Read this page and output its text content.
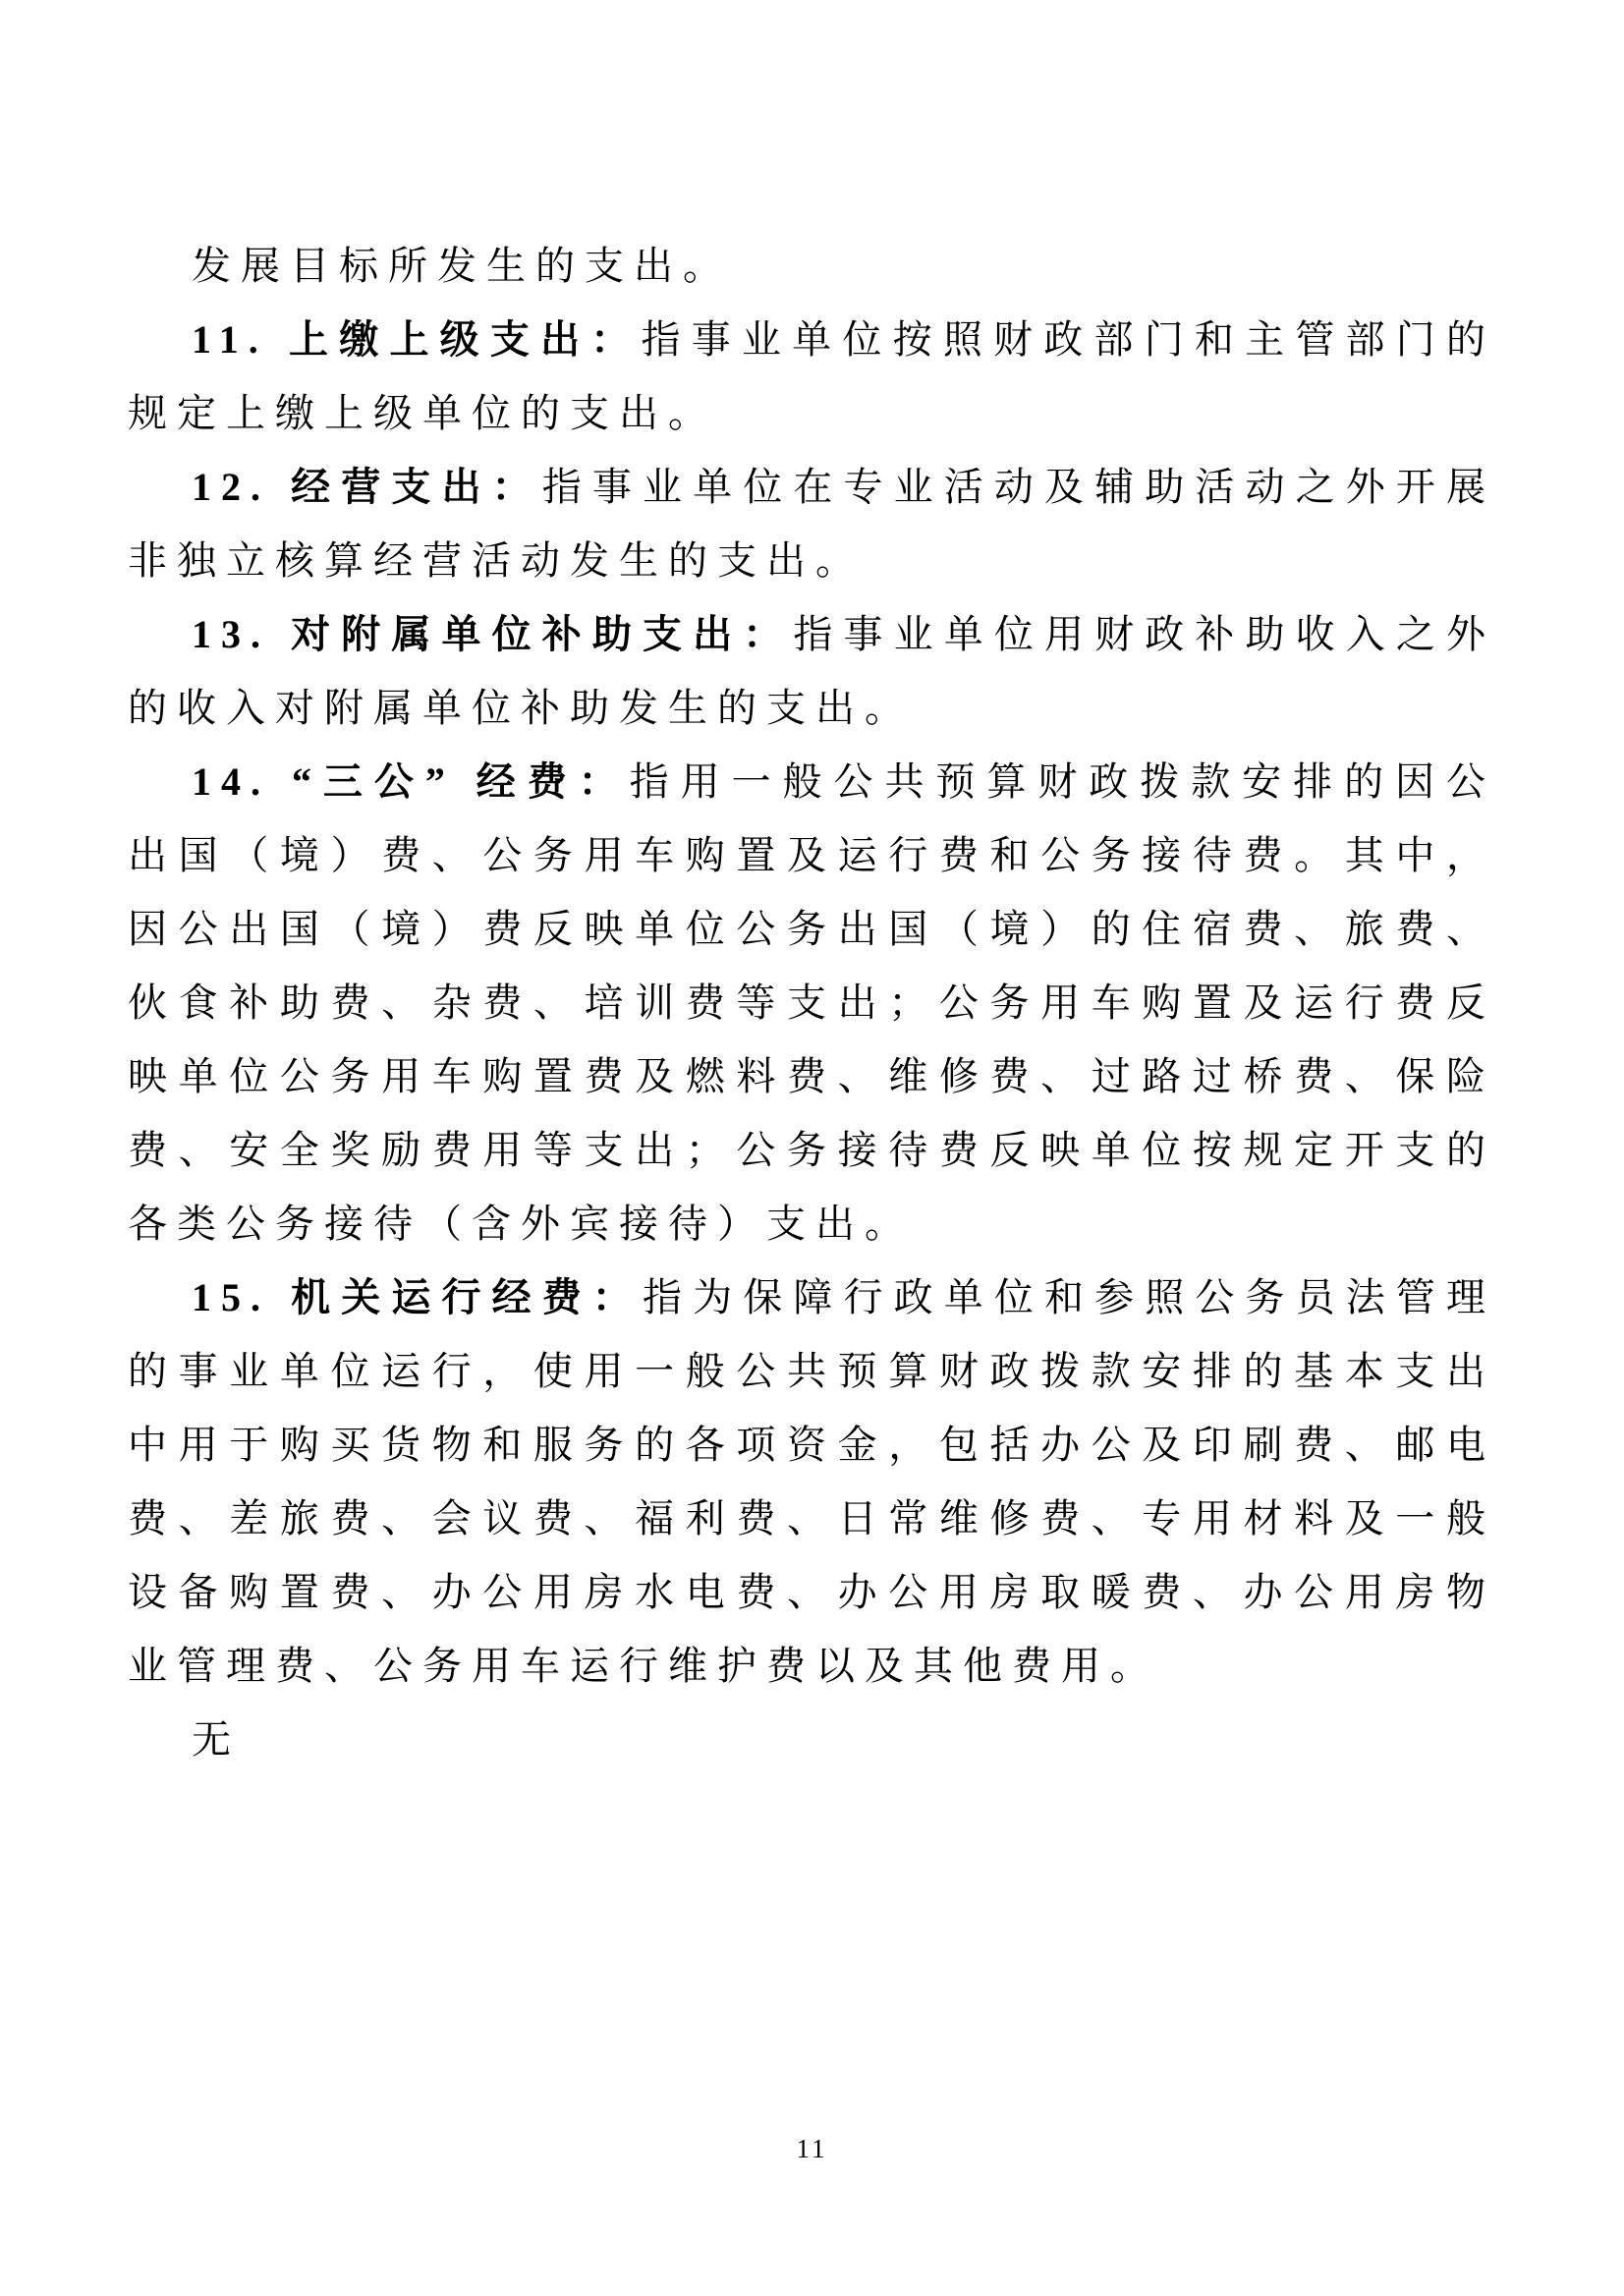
发展目标所发生的支出。

11. 上缴上级支出：指事业单位按照财政部门和主管部门的规定上缴上级单位的支出。

12. 经营支出：指事业单位在专业活动及辅助活动之外开展非独立核算经营活动发生的支出。

13. 对附属单位补助支出：指事业单位用财政补助收入之外的收入对附属单位补助发生的支出。

14. “三公” 经费：指用一般公共预算财政拨款安排的因公出国（境）费、公务用车购置及运行费和公务接待费。其中，因公出国（境）费反映单位公务出国（境）的住宿费、旅费、伙食补助费、杂费、培训费等支出；公务用车购置及运行费反映单位公务用车购置费及燃料费、维修费、过路过桥费、保险费、安全奖励费用等支出；公务接待费反映单位按规定开支的各类公务接待（含外宾接待）支出。

15. 机关运行经费：指为保障行政单位和参照公务员法管理的事业单位运行，使用一般公共预算财政拨款安排的基本支出中用于购买货物和服务的各项资金，包括办公及印刷费、邮电费、差旅费、会议费、福利费、日常维修费、专用材料及一般设备购置费、办公用房水电费、办公用房取暖费、办公用房物业管理费、公务用车运行维护费以及其他费用。

无

11
